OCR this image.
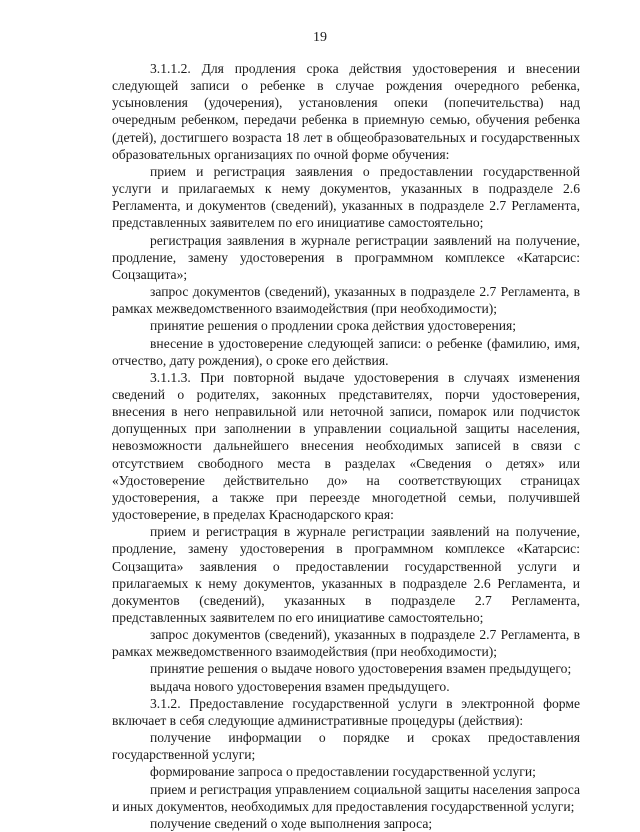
19

3.1.1.2. Для продления срока действия удостоверения и внесении следующей записи о ребенке в случае рождения очередного ребенка, усыновления (удочерения), установления опеки (попечительства) над очередным ребенком, передачи ребенка в приемную семью, обучения ребенка (детей), достигшего возраста 18 лет в общеобразовательных и государственных образовательных организациях по очной форме обучения:

прием и регистрация заявления о предоставлении государственной услуги и прилагаемых к нему документов, указанных в подразделе 2.6 Регламента, и документов (сведений), указанных в подразделе 2.7 Регламента, представленных заявителем по его инициативе самостоятельно;

регистрация заявления в журнале регистрации заявлений на получение, продление, замену удостоверения в программном комплексе «Катарсис: Соцзащита»;

запрос документов (сведений), указанных в подразделе 2.7 Регламента, в рамках межведомственного взаимодействия (при необходимости);

принятие решения о продлении срока действия удостоверения;

внесение в удостоверение следующей записи: о ребенке (фамилию, имя, отчество, дату рождения), о сроке его действия.

3.1.1.3. При повторной выдаче удостоверения в случаях изменения сведений о родителях, законных представителях, порчи удостоверения, внесения в него неправильной или неточной записи, помарок или подчисток допущенных при заполнении в управлении социальной защиты населения, невозможности дальнейшего внесения необходимых записей в связи с отсутствием свободного места в разделах «Сведения о детях» или «Удостоверение действительно до» на соответствующих страницах удостоверения, а также при переезде многодетной семьи, получившей удостоверение, в пределах Краснодарского края:

прием и регистрация в журнале регистрации заявлений на получение, продление, замену удостоверения в программном комплексе «Катарсис: Соцзащита» заявления о предоставлении государственной услуги и прилагаемых к нему документов, указанных в подразделе 2.6 Регламента, и документов (сведений), указанных в подразделе 2.7 Регламента, представленных заявителем по его инициативе самостоятельно;

запрос документов (сведений), указанных в подразделе 2.7 Регламента, в рамках межведомственного взаимодействия (при необходимости);

принятие решения о выдаче нового удостоверения взамен предыдущего;

выдача нового удостоверения взамен предыдущего.

3.1.2. Предоставление государственной услуги в электронной форме включает в себя следующие административные процедуры (действия):

получение информации о порядке и сроках предоставления государственной услуги;

формирование запроса о предоставлении государственной услуги;

прием и регистрация управлением социальной защиты населения запроса и иных документов, необходимых для предоставления государственной услуги;

получение сведений о ходе выполнения запроса;
